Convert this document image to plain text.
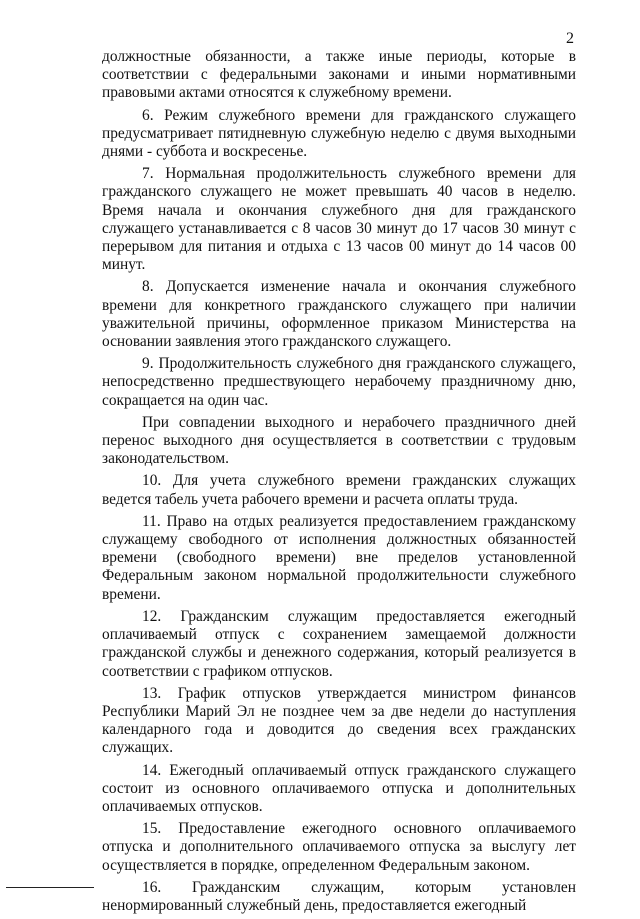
2

должностные обязанности, а также иные периоды, которые в соответствии с федеральными законами и иными нормативными правовыми актами относятся к служебному времени.

6. Режим служебного времени для гражданского служащего предусматривает пятидневную служебную неделю с двумя выходными днями - суббота и воскресенье.

7. Нормальная продолжительность служебного времени для гражданского служащего не может превышать 40 часов в неделю. Время начала и окончания служебного дня для гражданского служащего устанавливается с 8 часов 30 минут до 17 часов 30 минут с перерывом для питания и отдыха с 13 часов 00 минут до 14 часов 00 минут.

8. Допускается изменение начала и окончания служебного времени для конкретного гражданского служащего при наличии уважительной причины, оформленное приказом Министерства на основании заявления этого гражданского служащего.

9. Продолжительность служебного дня гражданского служащего, непосредственно предшествующего нерабочему праздничному дню, сокращается на один час.

При совпадении выходного и нерабочего праздничного дней перенос выходного дня осуществляется в соответствии с трудовым законодательством.

10. Для учета служебного времени гражданских служащих ведется табель учета рабочего времени и расчета оплаты труда.

11. Право на отдых реализуется предоставлением гражданскому служащему свободного от исполнения должностных обязанностей времени (свободного времени) вне пределов установленной Федеральным законом нормальной продолжительности служебного времени.

12. Гражданским служащим предоставляется ежегодный оплачиваемый отпуск с сохранением замещаемой должности гражданской службы и денежного содержания, который реализуется в соответствии с графиком отпусков.

13. График отпусков утверждается министром финансов Республики Марий Эл не позднее чем за две недели до наступления календарного года и доводится до сведения всех гражданских служащих.

14. Ежегодный оплачиваемый отпуск гражданского служащего состоит из основного оплачиваемого отпуска и дополнительных оплачиваемых отпусков.

15. Предоставление ежегодного основного оплачиваемого отпуска и дополнительного оплачиваемого отпуска за выслугу лет осуществляется в порядке, определенном Федеральным законом.

16. Гражданским служащим, которым установлен ненормированный служебный день, предоставляется ежегодный
